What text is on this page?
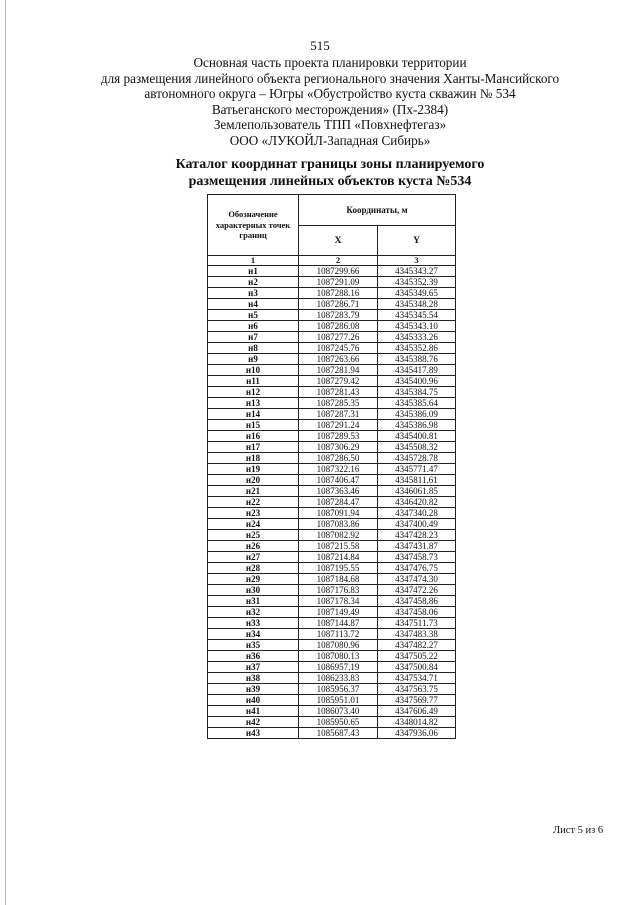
515
Основная часть проекта планировки территории
для размещения линейного объекта регионального значения Ханты-Мансийского
автономного округа – Югры «Обустройство куста скважин № 534
Ватьеганского месторождения» (Пх-2384)
Землепользователь ТПП «Повхнефтегаз»
ООО «ЛУКОЙЛ-Западная Сибирь»
Каталог координат границы зоны планируемого
размещения линейных объектов куста №534
Обозначение характерных точек границ	Координаты, м	
	X	Y
1	2	3
н1	1087299.66	4345343.27
н2	1087291.09	4345352.39
н3	1087288.16	4345349.65
н4	1087286.71	4345348.28
н5	1087283.79	4345345.54
н6	1087286.08	4345343.10
н7	1087277.26	4345333.26
н8	1087245.76	4345352.86
н9	1087263.66	4345388.76
н10	1087281.94	4345417.89
н11	1087279.42	4345400.96
н12	1087281.43	4345384.75
н13	1087285.35	4345385.64
н14	1087287.31	4345386.09
н15	1087291.24	4345386.98
н16	1087289.53	4345400.81
н17	1087306.29	4345508.32
н18	1087286.50	4345728.78
н19	1087322.16	4345771.47
н20	1087406.47	4345811.61
н21	1087363.46	4346061.85
н22	1087284.47	4346420.82
н23	1087091.94	4347340.28
н24	1087083.86	4347400.49
н25	1087082.92	4347428.23
н26	1087215.58	4347431.87
н27	1087214.84	4347458.73
н28	1087195.55	4347476.75
н29	1087184.68	4347474.30
н30	1087176.83	4347472.26
н31	1087178.34	4347458.86
н32	1087149.49	4347458.06
н33	1087144.87	4347511.73
н34	1087113.72	4347483.38
н35	1087080.96	4347482.27
н36	1087080.13	4347505.22
н37	1086957.19	4347500.84
н38	1086233.83	4347534.71
н39	1085956.37	4347563.75
н40	1085951.01	4347569.77
н41	1086073.40	4347606.49
н42	1085950.65	4348014.82
н43	1085687.43	4347936.06
Лист 5 из 6
